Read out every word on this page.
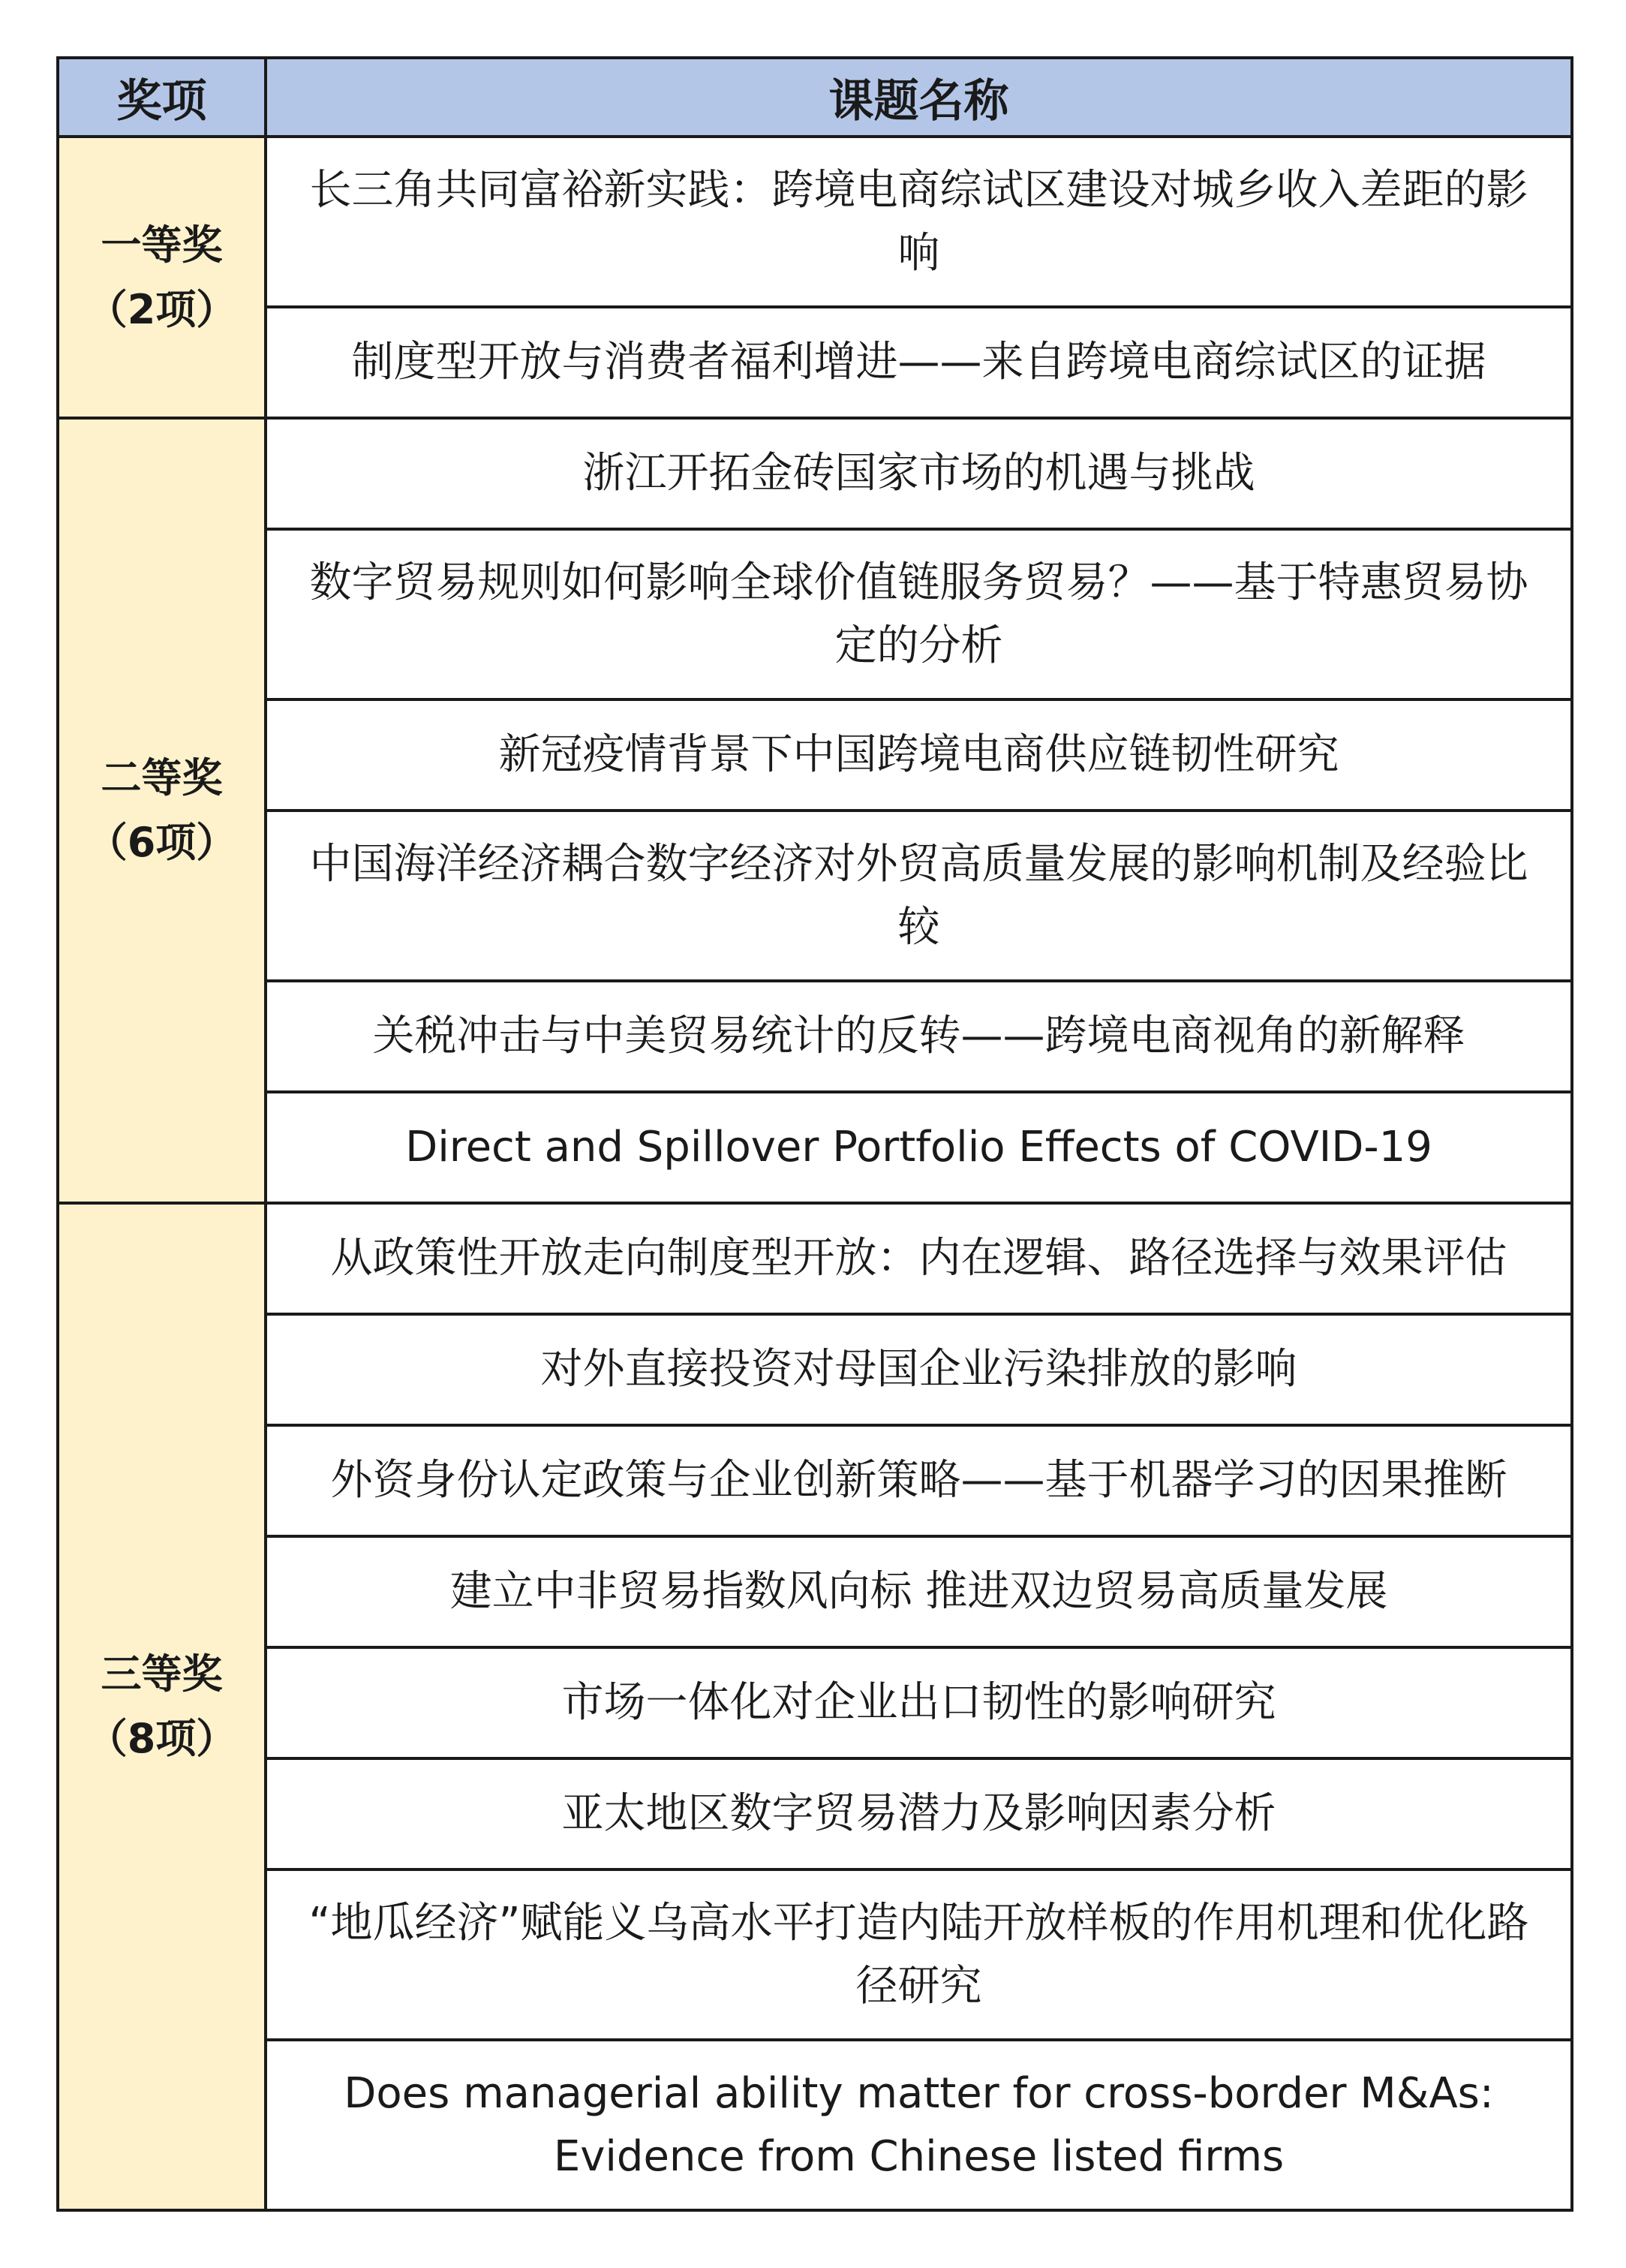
奖项	课题名称

一等奖
（2项）	长三角共同富裕新实践：跨境电商综试区建设对城乡收入差距的影响
	制度型开放与消费者福利增进——来自跨境电商综试区的证据

二等奖
（6项）	浙江开拓金砖国家市场的机遇与挑战
	数字贸易规则如何影响全球价值链服务贸易？——基于特惠贸易协定的分析
	新冠疫情背景下中国跨境电商供应链韧性研究
	中国海洋经济耦合数字经济对外贸高质量发展的影响机制及经验比较
	关税冲击与中美贸易统计的反转——跨境电商视角的新解释
	Direct and Spillover Portfolio Effects of COVID-19

三等奖
（8项）	从政策性开放走向制度型开放：内在逻辑、路径选择与效果评估
	对外直接投资对母国企业污染排放的影响
	外资身份认定政策与企业创新策略——基于机器学习的因果推断
	建立中非贸易指数风向标 推进双边贸易高质量发展
	市场一体化对企业出口韧性的影响研究
	亚太地区数字贸易潜力及影响因素分析
	“地瓜经济”赋能义乌高水平打造内陆开放样板的作用机理和优化路径研究
	Does managerial ability matter for cross-border M&As: Evidence from Chinese listed firms
